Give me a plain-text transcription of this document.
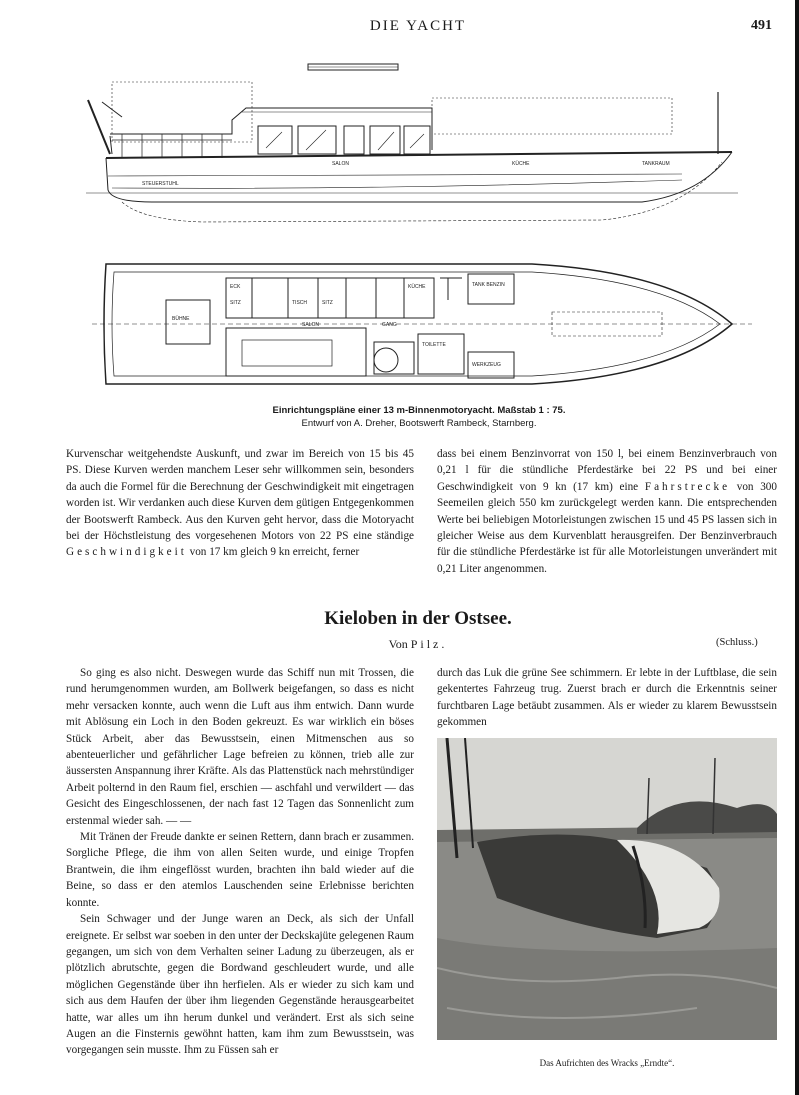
DIE YACHT	491
STEUERSTUHL
TANKRAUM
SALON	KÜCHE
BÜHNE
SITZ	TISCH	SITZ
ECK
SALON	GANG
TOILETTE
KÜCHE	TANK BENZIN
WERKZEUG
Einrichtungspläne einer 13 m-Binnenmotoryacht. Maßstab 1 : 75.
Entwurf von A. Dreher, Bootswerft Rambeck, Starnberg.

Kurvenschar weitgehendste Auskunft, und zwar im Bereich von 15 bis 45 PS. Diese Kurven werden manchem Leser sehr willkommen sein, besonders da auch die Formel für die Berechnung der Geschwindigkeit mit eingetragen worden ist. Wir verdanken auch diese Kurven dem gütigen Entgegenkommen der Bootswerft Rambeck. Aus den Kurven geht hervor, dass die Motoryacht bei der Höchstleistung des vorgesehenen Motors von 22 PS eine ständige Geschwindigkeit von 17 km gleich 9 kn erreicht, ferner

dass bei einem Benzinvorrat von 150 l, bei einem Benzinverbrauch von 0,21 l für die stündliche Pferdestärke bei 22 PS und bei einer Geschwindigkeit von 9 kn (17 km) eine Fahrstrecke von 300 Seemeilen gleich 550 km zurückgelegt werden kann. Die entsprechenden Werte bei beliebigen Motorleistungen zwischen 15 und 45 PS lassen sich in gleicher Weise aus dem Kurvenblatt herausgreifen. Der Benzinverbrauch für die stündliche Pferdestärke ist für alle Motorleistungen unverändert mit 0,21 Liter angenommen.

Kieloben in der Ostsee.
Von Pilz.	(Schluss.)

So ging es also nicht. Deswegen wurde das Schiff nun mit Trossen, die rund herumgenommen wurden, am Bollwerk beigefangen, so dass es nicht mehr versacken konnte, auch wenn die Luft aus ihm entwich. Dann wurde mit Ablösung ein Loch in den Boden gekreuzt. Es war wirklich ein böses Stück Arbeit, aber das Bewusstsein, einen Mitmenschen aus so abenteuerlicher und gefährlicher Lage befreien zu können, trieb alle zur äussersten Anspannung ihrer Kräfte. Als das Plattenstück nach mehrstündiger Arbeit polternd in den Raum fiel, erschien — aschfahl und verwildert — das Gesicht des Eingeschlossenen, der nach fast 12 Tagen das Sonnenlicht zum erstenmal wieder sah. — —

Mit Tränen der Freude dankte er seinen Rettern, dann brach er zusammen. Sorgliche Pflege, die ihm von allen Seiten wurde, und einige Tropfen Brantwein, die ihm eingeflösst wurden, brachten ihn bald wieder auf die Beine, so dass er den atemlos Lauschenden seine Erlebnisse berichten konnte.

Sein Schwager und der Junge waren an Deck, als sich der Unfall ereignete. Er selbst war soeben in den unter der Deckskajüte gelegenen Raum gegangen, um sich von dem Verhalten seiner Ladung zu überzeugen, als er plötzlich abrutschte, gegen die Bordwand geschleudert wurde, und alle möglichen Gegenstände über ihn herfielen. Als er wieder zu sich kam und sich aus dem Haufen der über ihm liegenden Gegenstände herausgearbeitet hatte, war alles um ihn herum dunkel und verändert. Erst als sich seine Augen an die Finsternis gewöhnt hatten, kam ihm zum Bewusstsein, was vorgegangen sein musste. Ihm zu Füssen sah er

durch das Luk die grüne See schimmern. Er lebte in der Luftblase, die sein gekentertes Fahrzeug trug. Zuerst brach er durch die Erkenntnis seiner furchtbaren Lage betäubt zusammen. Als er wieder zu klarem Bewusstsein gekommen

Das Aufrichten des Wracks „Erndte“.
